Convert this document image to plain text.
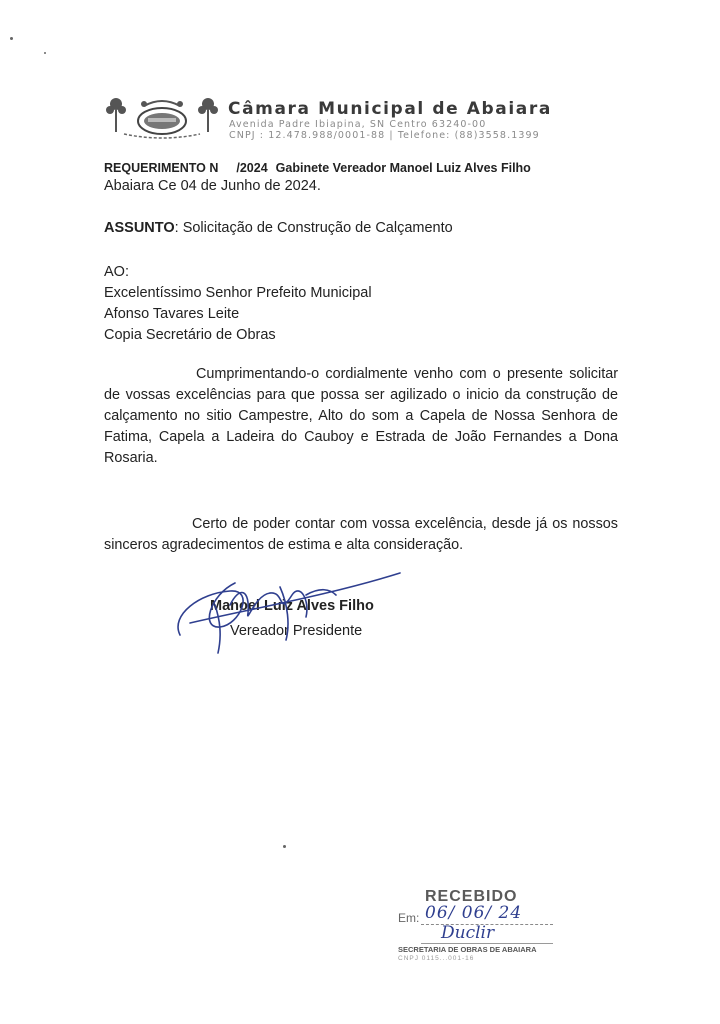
Câmara Municipal de Abaiara
Avenida Padre Ibiapina, SN Centro 63240-00
CNPJ : 12.478.988/0001-88 | Telefone: (88)3558.1399
REQUERIMENTO N /2024 Gabinete Vereador Manoel Luiz Alves Filho
Abaiara Ce 04 de Junho de 2024.
ASSUNTO: Solicitação de Construção de Calçamento
AO:
Excelentíssimo Senhor Prefeito Municipal
Afonso Tavares Leite
Copia Secretário de Obras
Cumprimentando-o cordialmente venho com o presente solicitar de vossas excelências para que possa ser agilizado o inicio da construção de calçamento no sitio Campestre, Alto do som a Capela de Nossa Senhora de Fatima, Capela a Ladeira do Cauboy e Estrada de João Fernandes a Dona Rosaria.
Certo de poder contar com vossa excelência, desde já os nossos sinceros agradecimentos de estima e alta consideração.
Manoel Luiz Alves Filho
Vereador Presidente
RECEBIDO
Em: 06/ 06/ 24
Duclir
SECRETARIA DE OBRAS DE ABAIARA
CNPJ 0115...001-16
